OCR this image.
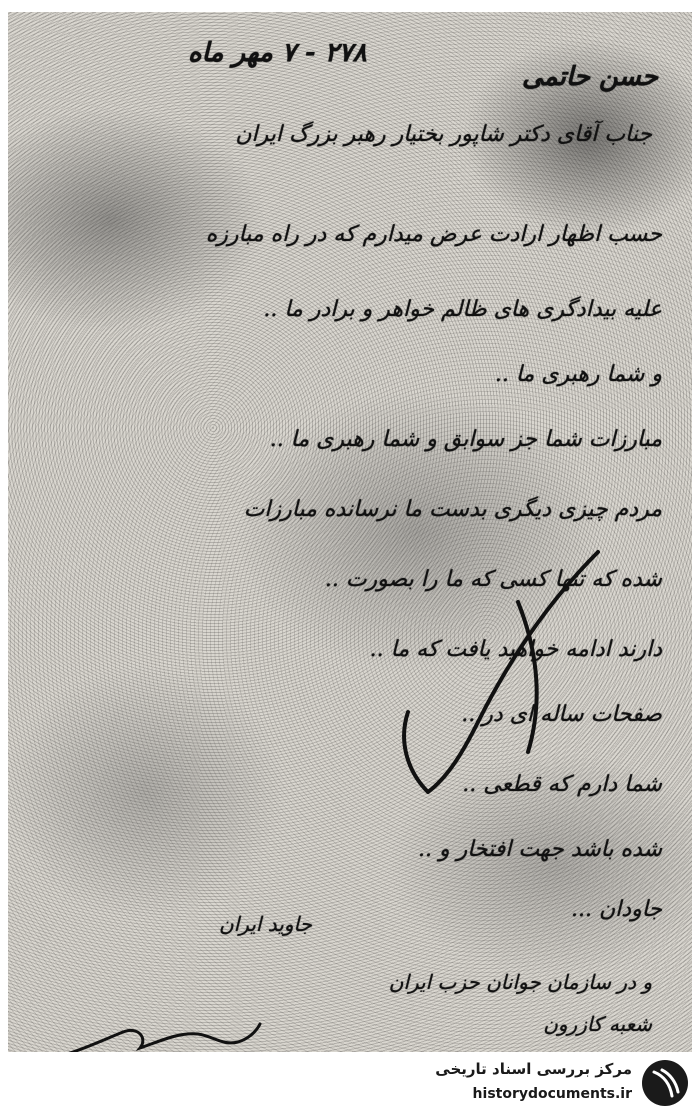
۲۷۸ - ۷ مهر ماه
حسن حاتمی
جناب آقای دکتر شاپور بختیار رهبر بزرگ ایران
حسب اظهار ارادت عرض میدارم که در راه مبارزه
علیه بیدادگری های ظالم خواهر و برادر ما ..
و شما رهبری ما ..
مبارزات شما جز سوابق و شما رهبری ما ..
مردم چیزی دیگری بدست ما نرسانده مبارزات
شده که تنها کسی که ما را بصورت ..
دارند ادامه خواهید یافت که ما ..
صفحات ساله ای در ..
شما دارم که قطعی ..
شده باشد جهت افتخار و ..
جاودان ...
جاوید ایران
و در سازمان جوانان حزب ایران
شعبه کازرون
مرکز بررسی اسناد تاریخی
historydocuments.ir
